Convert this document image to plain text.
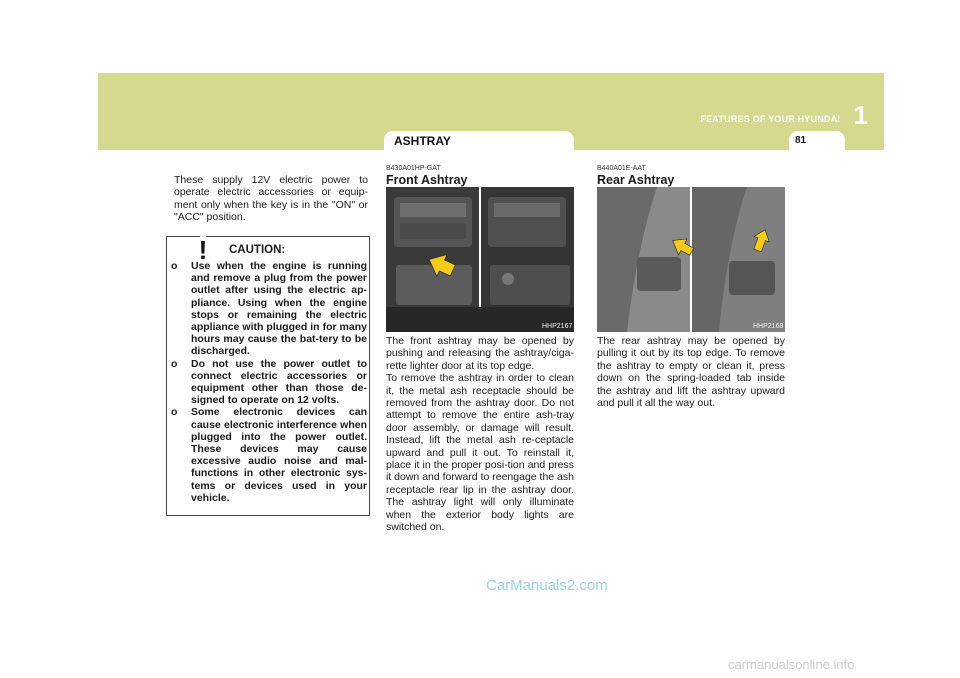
FEATURES OF YOUR HYUNDAI 1
ASHTRAY	81

These supply 12V electric power to operate electric accessories or equip-ment only when the key is in the "ON" or "ACC" position.

! CAUTION:
o Use when the engine is running and remove a plug from the power outlet after using the electric ap-pliance. Using when the engine stops or remaining the electric appliance with plugged in for many hours may cause the bat-tery to be discharged.
o Do not use the power outlet to connect electric accessories or equipment other than those de-signed to operate on 12 volts.
o Some electronic devices can cause electronic interference when plugged into the power outlet. These devices may cause excessive audio noise and mal-functions in other electronic sys-tems or devices used in your vehicle.
B430A01HP-GAT
Front Ashtray
HHP2167

The front ashtray may be opened by pushing and releasing the ashtray/ciga-rette lighter door at its top edge.
To remove the ashtray in order to clean it, the metal ash receptacle should be removed from the ashtray door. Do not attempt to remove the entire ash-tray door assembly, or damage will result. Instead, lift the metal ash re-ceptacle upward and pull it out. To reinstall it, place it in the proper posi-tion and press it down and forward to reengage the ash receptacle rear lip in the ashtray door. The ashtray light will only illuminate when the exterior body lights are switched on.

B440A01E-AAT
Rear Ashtray
HHP2168

The rear ashtray may be opened by pulling it out by its top edge. To remove the ashtray to empty or clean it, press down on the spring-loaded tab inside the ashtray and lift the ashtray upward and pull it all the way out.

CarManuals2.com
carmanualsonline.info
